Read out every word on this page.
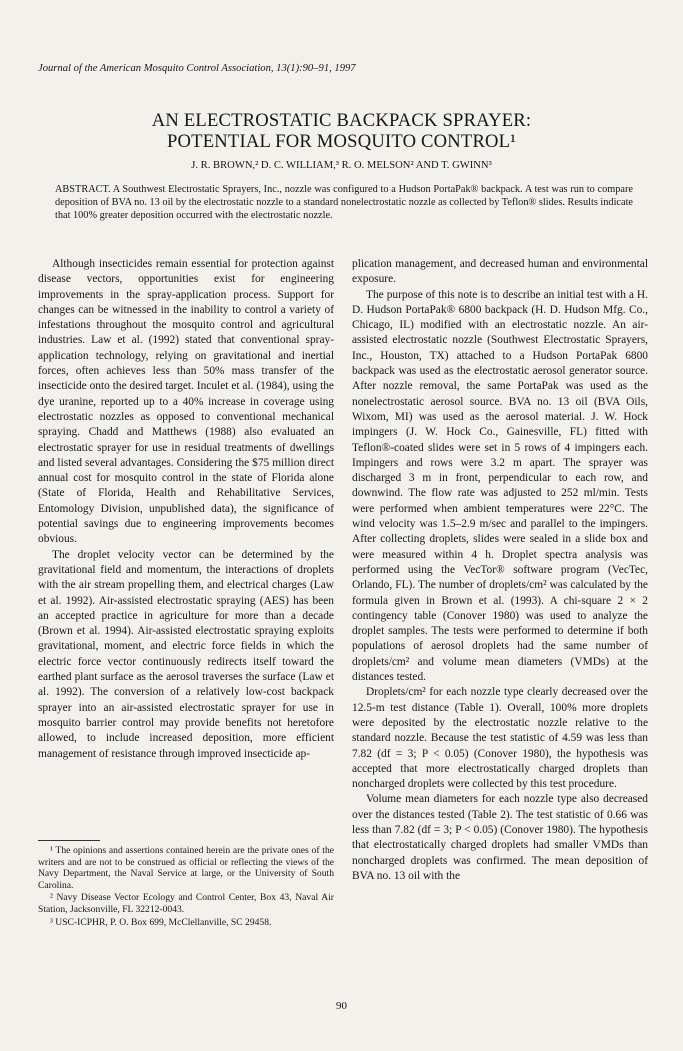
Journal of the American Mosquito Control Association, 13(1):90–91, 1997
AN ELECTROSTATIC BACKPACK SPRAYER:
POTENTIAL FOR MOSQUITO CONTROL¹
J. R. BROWN,² D. C. WILLIAM,³ R. O. MELSON² AND T. GWINN³
ABSTRACT. A Southwest Electrostatic Sprayers, Inc., nozzle was configured to a Hudson PortaPak® backpack. A test was run to compare deposition of BVA no. 13 oil by the electrostatic nozzle to a standard nonelectrostatic nozzle as collected by Teflon® slides. Results indicate that 100% greater deposition occurred with the electrostatic nozzle.

Although insecticides remain essential for protection against disease vectors, opportunities exist for engineering improvements in the spray-application process. Support for changes can be witnessed in the inability to control a variety of infestations throughout the mosquito control and agricultural industries. Law et al. (1992) stated that conventional spray-application technology, relying on gravitational and inertial forces, often achieves less than 50% mass transfer of the insecticide onto the desired target. Inculet et al. (1984), using the dye uranine, reported up to a 40% increase in coverage using electrostatic nozzles as opposed to conventional mechanical spraying. Chadd and Matthews (1988) also evaluated an electrostatic sprayer for use in residual treatments of dwellings and listed several advantages. Considering the $75 million direct annual cost for mosquito control in the state of Florida alone (State of Florida, Health and Rehabilitative Services, Entomology Division, unpublished data), the significance of potential savings due to engineering improvements becomes obvious.

The droplet velocity vector can be determined by the gravitational field and momentum, the interactions of droplets with the air stream propelling them, and electrical charges (Law et al. 1992). Air-assisted electrostatic spraying (AES) has been an accepted practice in agriculture for more than a decade (Brown et al. 1994). Air-assisted electrostatic spraying exploits gravitational, moment, and electric force fields in which the electric force vector continuously redirects itself toward the earthed plant surface as the aerosol traverses the surface (Law et al. 1992). The conversion of a relatively low-cost backpack sprayer into an air-assisted electrostatic sprayer for use in mosquito barrier control may provide benefits not heretofore allowed, to include increased deposition, more efficient management of resistance through improved insecticide ap-

plication management, and decreased human and environmental exposure.

The purpose of this note is to describe an initial test with a H. D. Hudson PortaPak® 6800 backpack (H. D. Hudson Mfg. Co., Chicago, IL) modified with an electrostatic nozzle. An air-assisted electrostatic nozzle (Southwest Electrostatic Sprayers, Inc., Houston, TX) attached to a Hudson PortaPak 6800 backpack was used as the electrostatic aerosol generator source. After nozzle removal, the same PortaPak was used as the nonelectrostatic aerosol source. BVA no. 13 oil (BVA Oils, Wixom, MI) was used as the aerosol material. J. W. Hock impingers (J. W. Hock Co., Gainesville, FL) fitted with Teflon®-coated slides were set in 5 rows of 4 impingers each. Impingers and rows were 3.2 m apart. The sprayer was discharged 3 m in front, perpendicular to each row, and downwind. The flow rate was adjusted to 252 ml/min. Tests were performed when ambient temperatures were 22°C. The wind velocity was 1.5–2.9 m/sec and parallel to the impingers. After collecting droplets, slides were sealed in a slide box and were measured within 4 h. Droplet spectra analysis was performed using the VecTor® software program (VecTec, Orlando, FL). The number of droplets/cm² was calculated by the formula given in Brown et al. (1993). A chi-square 2 × 2 contingency table (Conover 1980) was used to analyze the droplet samples. The tests were performed to determine if both populations of aerosol droplets had the same number of droplets/cm² and volume mean diameters (VMDs) at the distances tested.

Droplets/cm² for each nozzle type clearly decreased over the 12.5-m test distance (Table 1). Overall, 100% more droplets were deposited by the electrostatic nozzle relative to the standard nozzle. Because the test statistic of 4.59 was less than 7.82 (df = 3; P < 0.05) (Conover 1980), the hypothesis was accepted that more electrostatically charged droplets than noncharged droplets were collected by this test procedure.

Volume mean diameters for each nozzle type also decreased over the distances tested (Table 2). The test statistic of 0.66 was less than 7.82 (df = 3; P < 0.05) (Conover 1980). The hypothesis that electrostatically charged droplets had smaller VMDs than noncharged droplets was confirmed. The mean deposition of BVA no. 13 oil with the

¹ The opinions and assertions contained herein are the private ones of the writers and are not to be construed as official or reflecting the views of the Navy Department, the Naval Service at large, or the University of South Carolina.

² Navy Disease Vector Ecology and Control Center, Box 43, Naval Air Station, Jacksonville, FL 32212-0043.

³ USC-ICPHR, P. O. Box 699, McClellanville, SC 29458.

90
